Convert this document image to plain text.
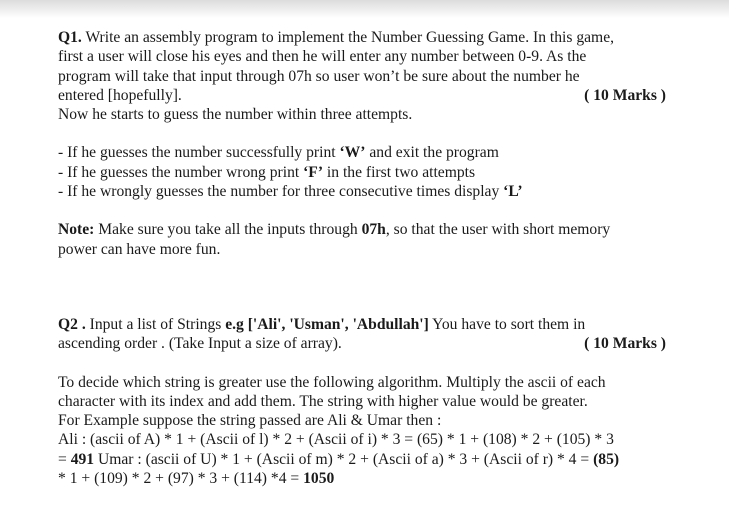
Q1. Write an assembly program to implement the Number Guessing Game. In this game,
first a user will close his eyes and then he will enter any number between 0-9. As the
program will take that input through 07h so user won’t be sure about the number he
entered [hopefully].	( 10 Marks )
Now he starts to guess the number within three attempts.
- If he guesses the number successfully print ‘W’ and exit the program
- If he guesses the number wrong print ‘F’ in the first two attempts
- If he wrongly guesses the number for three consecutive times display ‘L’
Note: Make sure you take all the inputs through 07h, so that the user with short memory
power can have more fun.
Q2 . Input a list of Strings e.g ['Ali', 'Usman', 'Abdullah'] You have to sort them in
ascending order . (Take Input a size of array).	( 10 Marks )
To decide which string is greater use the following algorithm. Multiply the ascii of each
character with its index and add them. The string with higher value would be greater.
For Example suppose the string passed are Ali & Umar then :
Ali : (ascii of A) * 1 + (Ascii of l) * 2 + (Ascii of i) * 3 = (65) * 1 + (108) * 2 + (105) * 3
= 491 Umar : (ascii of U) * 1 + (Ascii of m) * 2 + (Ascii of a) * 3 + (Ascii of r) * 4 = (85)
* 1 + (109) * 2 + (97) * 3 + (114) *4 = 1050
